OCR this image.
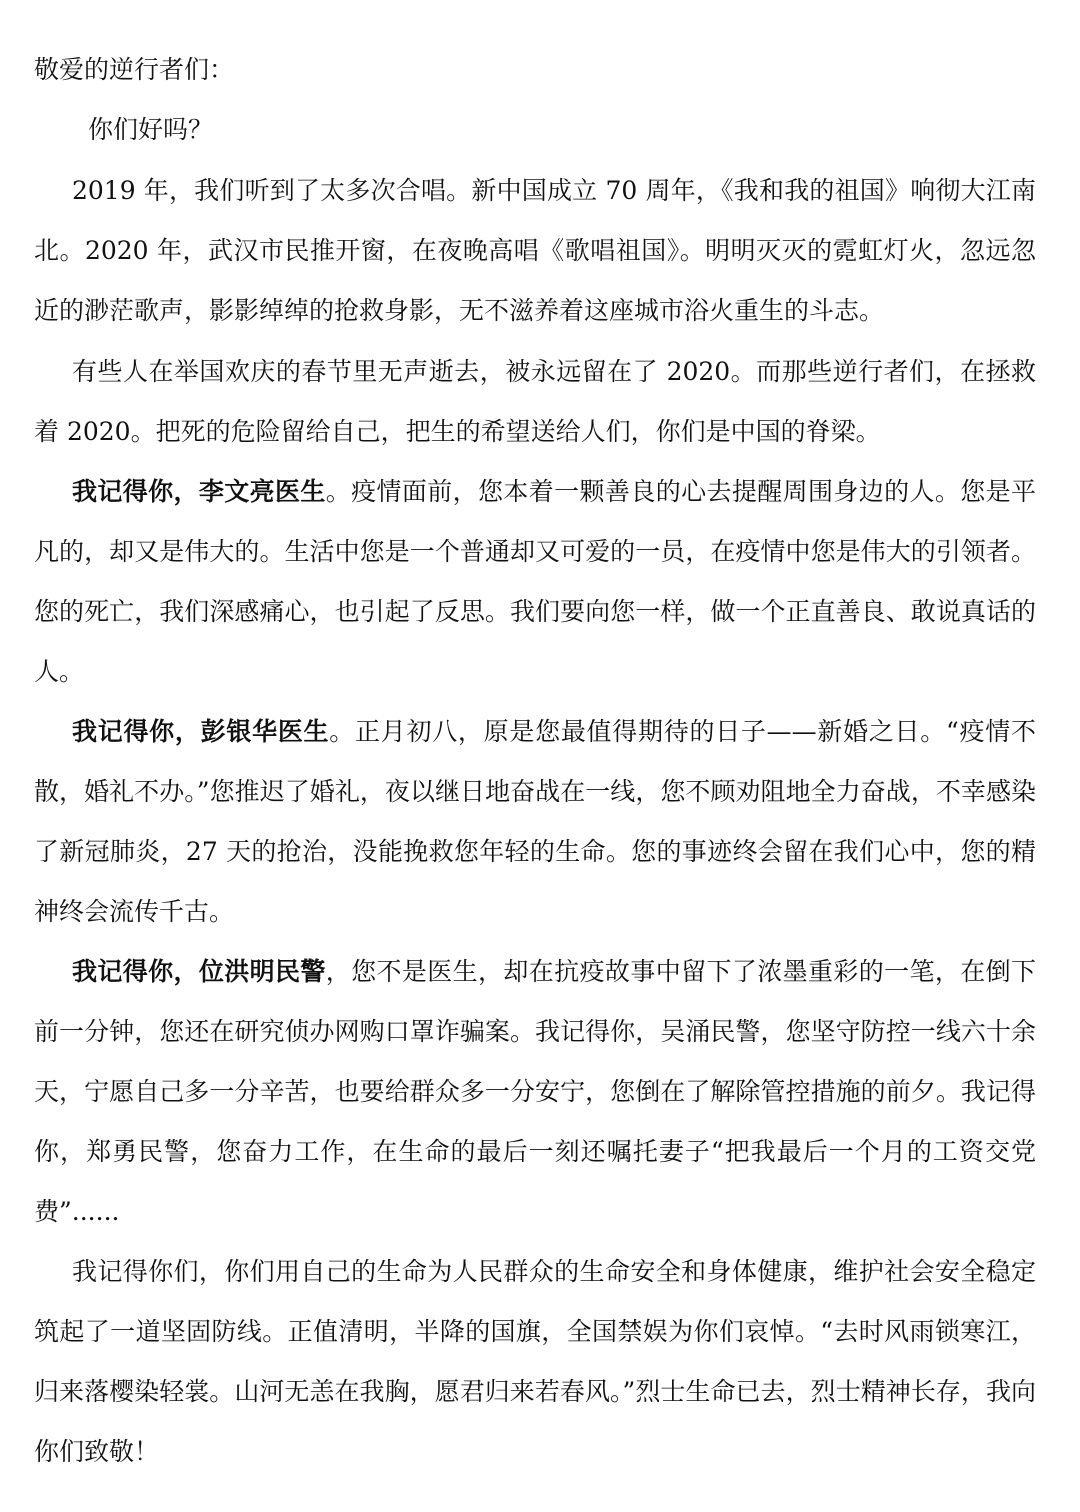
敬爱的逆行者们：

你们好吗？

2019 年，我们听到了太多次合唱。新中国成立 70 周年，《我和我的祖国》响彻大江南北。2020 年，武汉市民推开窗，在夜晚高唱《歌唱祖国》。明明灭灭的霓虹灯火，忽远忽近的渺茫歌声，影影绰绰的抢救身影，无不滋养着这座城市浴火重生的斗志。

有些人在举国欢庆的春节里无声逝去，被永远留在了 2020。而那些逆行者们，在拯救着 2020。把死的危险留给自己，把生的希望送给人们，你们是中国的脊梁。

我记得你，李文亮医生。疫情面前，您本着一颗善良的心去提醒周围身边的人。您是平凡的，却又是伟大的。生活中您是一个普通却又可爱的一员，在疫情中您是伟大的引领者。您的死亡，我们深感痛心，也引起了反思。我们要向您一样，做一个正直善良、敢说真话的人。

我记得你，彭银华医生。正月初八，原是您最值得期待的日子——新婚之日。“疫情不散，婚礼不办。”您推迟了婚礼，夜以继日地奋战在一线，您不顾劝阻地全力奋战，不幸感染了新冠肺炎，27 天的抢治，没能挽救您年轻的生命。您的事迹终会留在我们心中，您的精神终会流传千古。

我记得你，位洪明民警，您不是医生，却在抗疫故事中留下了浓墨重彩的一笔，在倒下前一分钟，您还在研究侦办网购口罩诈骗案。我记得你，吴涌民警，您坚守防控一线六十余天，宁愿自己多一分辛苦，也要给群众多一分安宁，您倒在了解除管控措施的前夕。我记得你，郑勇民警，您奋力工作，在生命的最后一刻还嘱托妻子“把我最后一个月的工资交党费”......

我记得你们，你们用自己的生命为人民群众的生命安全和身体健康，维护社会安全稳定筑起了一道坚固防线。正值清明，半降的国旗，全国禁娱为你们哀悼。“去时风雨锁寒江，归来落樱染轻裳。山河无恙在我胸，愿君归来若春风。”烈士生命已去，烈士精神长存，我向你们致敬！
